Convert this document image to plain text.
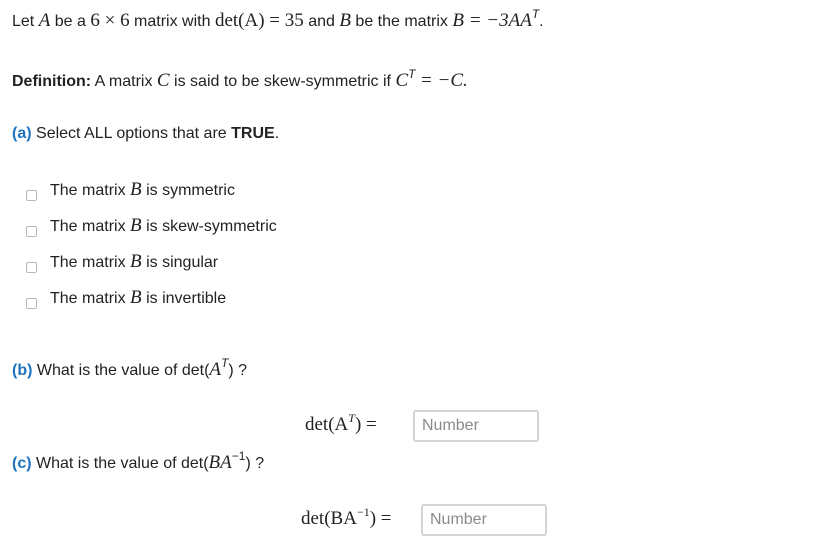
Let A be a 6 × 6 matrix with det(A) = 35 and B be the matrix $B = -3AA^T$.
Definition: A matrix C is said to be skew-symmetric if $C^T = -C$.
(a) Select ALL options that are TRUE.
The matrix B is symmetric
The matrix B is skew-symmetric
The matrix B is singular
The matrix B is invertible
(b) What is the value of $\det(A^T)$ ?
$\det(A^T)$ =
Number
(c) What is the value of $\det(BA^{-1})$ ?
$\det(BA^{-1})$ =
Number
